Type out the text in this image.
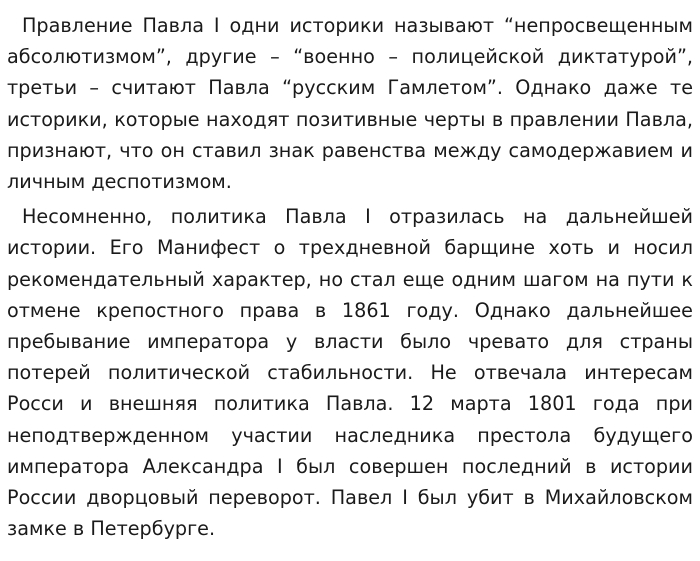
Правление Павла I одни историки называют “непросвещенным абсолютизмом”, другие – “военно – полицейской диктатурой”, третьи – считают Павла “русским Гамлетом”. Однако даже те историки, которые находят позитивные черты в правлении Павла, признают, что он ставил знак равенства между самодержавием и личным деспотизмом.

Несомненно, политика Павла I отразилась на дальнейшей истории. Его Манифест о трехдневной барщине хоть и носил рекомендательный характер, но стал еще одним шагом на пути к отмене крепостного права в 1861 году. Однако дальнейшее пребывание императора у власти было чревато для страны потерей политической стабильности. Не отвечала интересам Росси и внешняя политика Павла. 12 марта 1801 года при неподтвержденном участии наследника престола будущего императора Александра I был совершен последний в истории России дворцовый переворот. Павел I был убит в Михайловском замке в Петербурге.
